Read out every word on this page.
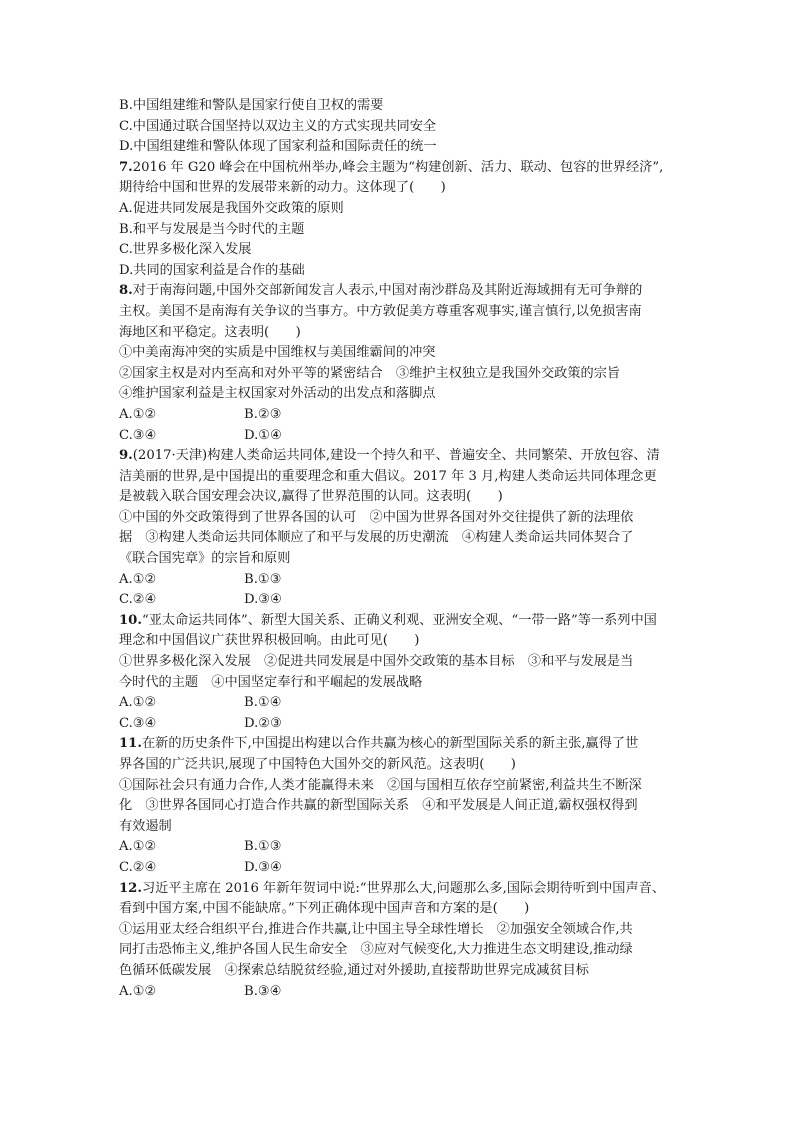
B.中国组建维和警队是国家行使自卫权的需要
C.中国通过联合国坚持以双边主义的方式实现共同安全
D.中国组建维和警队体现了国家利益和国际责任的统一
7.2016 年 G20 峰会在中国杭州举办,峰会主题为“构建创新、活力、联动、包容的世界经济”,
期待给中国和世界的发展带来新的动力。这体现了(　　)
A.促进共同发展是我国外交政策的原则
B.和平与发展是当今时代的主题
C.世界多极化深入发展
D.共同的国家利益是合作的基础
8.对于南海问题,中国外交部新闻发言人表示,中国对南沙群岛及其附近海域拥有无可争辩的
主权。美国不是南海有关争议的当事方。中方敦促美方尊重客观事实,谨言慎行,以免损害南
海地区和平稳定。这表明(　　)
①中美南海冲突的实质是中国维权与美国维霸间的冲突
②国家主权是对内至高和对外平等的紧密结合　③维护主权独立是我国外交政策的宗旨
④维护国家利益是主权国家对外活动的出发点和落脚点
A.①②	B.②③
C.③④	D.①④
9.(2017·天津)构建人类命运共同体,建设一个持久和平、普遍安全、共同繁荣、开放包容、清
洁美丽的世界,是中国提出的重要理念和重大倡议。2017 年 3 月,构建人类命运共同体理念更
是被载入联合国安理会决议,赢得了世界范围的认同。这表明(　　)
①中国的外交政策得到了世界各国的认可　②中国为世界各国对外交往提供了新的法理依
据　③构建人类命运共同体顺应了和平与发展的历史潮流　④构建人类命运共同体契合了
《联合国宪章》的宗旨和原则
A.①②	B.①③
C.②④	D.③④
10.“亚太命运共同体”、新型大国关系、正确义利观、亚洲安全观、“一带一路”等一系列中国
理念和中国倡议广获世界积极回响。由此可见(　　)
①世界多极化深入发展　②促进共同发展是中国外交政策的基本目标　③和平与发展是当
今时代的主题　④中国坚定奉行和平崛起的发展战略
A.①②	B.①④
C.③④	D.②③
11.在新的历史条件下,中国提出构建以合作共赢为核心的新型国际关系的新主张,赢得了世
界各国的广泛共识,展现了中国特色大国外交的新风范。这表明(　　)
①国际社会只有通力合作,人类才能赢得未来　②国与国相互依存空前紧密,利益共生不断深
化　③世界各国同心打造合作共赢的新型国际关系　④和平发展是人间正道,霸权强权得到
有效遏制
A.①②	B.①③
C.②④	D.③④
12.习近平主席在 2016 年新年贺词中说:“世界那么大,问题那么多,国际会期待听到中国声音、
看到中国方案,中国不能缺席。”下列正确体现中国声音和方案的是(　　)
①运用亚太经合组织平台,推进合作共赢,让中国主导全球性增长　②加强安全领域合作,共
同打击恐怖主义,维护各国人民生命安全　③应对气候变化,大力推进生态文明建设,推动绿
色循环低碳发展　④探索总结脱贫经验,通过对外援助,直接帮助世界完成减贫目标
A.①②	B.③④
